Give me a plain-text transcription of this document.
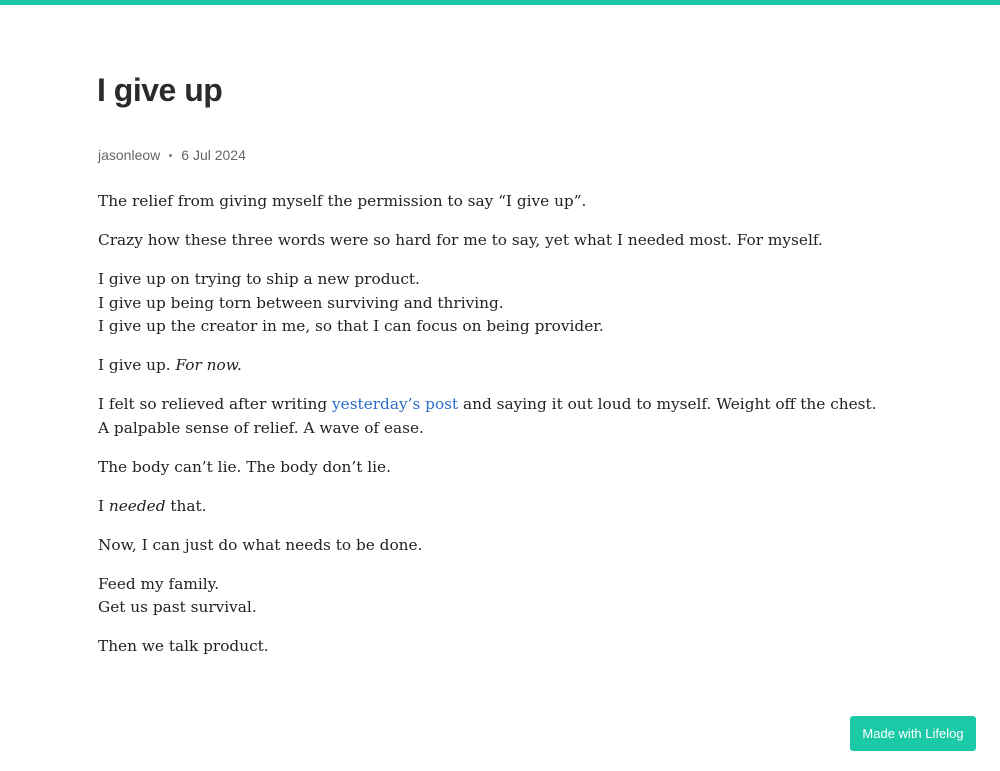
I give up
jasonleow 6 Jul 2024

The relief from giving myself the permission to say “I give up”.

Crazy how these three words were so hard for me to say, yet what I needed most. For myself.

I give up on trying to ship a new product.
I give up being torn between surviving and thriving.
I give up the creator in me, so that I can focus on being provider.

I give up. For now.

I felt so relieved after writing yesterday’s post and saying it out loud to myself. Weight off the chest. A palpable sense of relief. A wave of ease.

The body can’t lie. The body don’t lie.

I needed that.

Now, I can just do what needs to be done.

Feed my family.
Get us past survival.

Then we talk product.

Made with Lifelog
